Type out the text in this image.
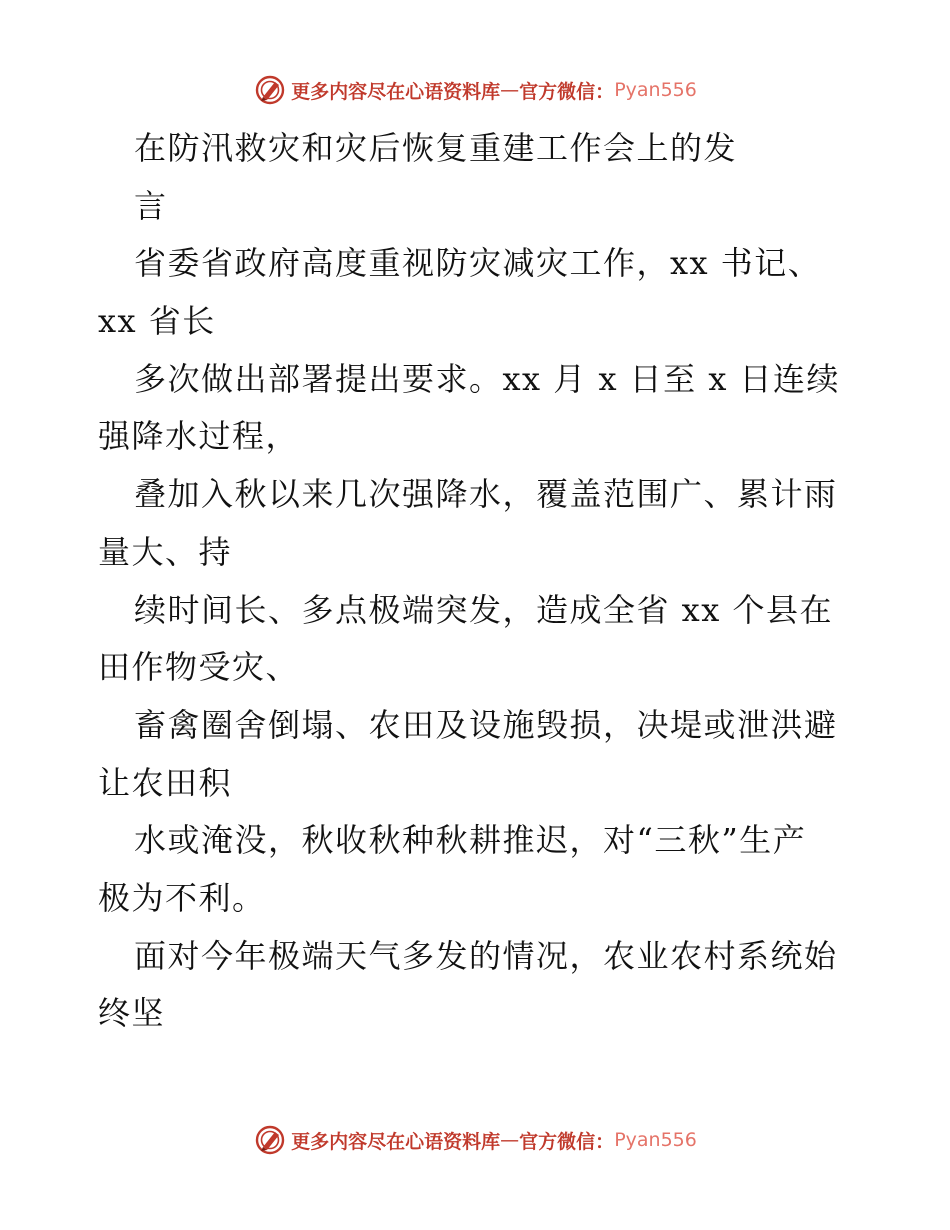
更多内容尽在心语资料库 — 官方微信： Pyan556
在防汛救灾和灾后恢复重建工作会上的发
言
省委省政府高度重视防灾减灾工作，xx 书记、
xx 省长
多次做出部署提出要求。xx 月 x 日至 x 日连续
强降水过程，
叠加入秋以来几次强降水，覆盖范围广、累计雨
量大、持
续时间长、多点极端突发，造成全省 xx 个县在
田作物受灾、
畜禽圈舍倒塌、农田及设施毁损，决堤或泄洪避
让农田积
水或淹没，秋收秋种秋耕推迟，对“三秋”生产
极为不利。
面对今年极端天气多发的情况，农业农村系统始
终坚
更多内容尽在心语资料库 — 官方微信： Pyan556
